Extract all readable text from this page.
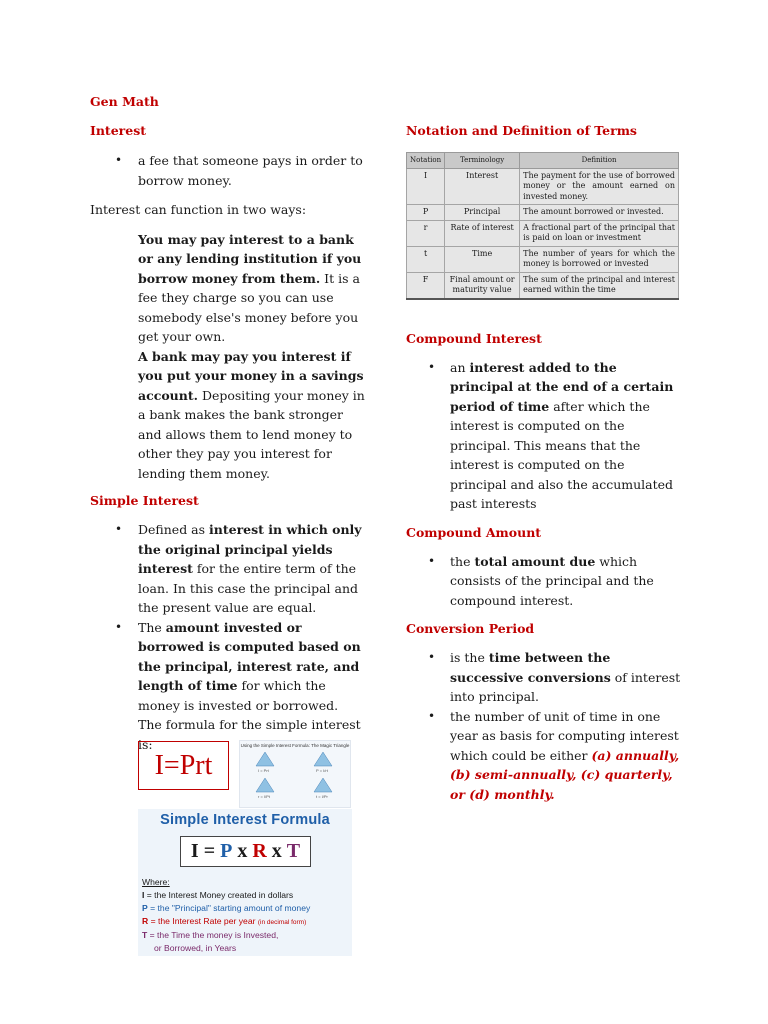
Gen Math
Interest
• a fee that someone pays in order to borrow money.
Interest can function in two ways:
You may pay interest to a bank or any lending institution if you borrow money from them. It is a fee they charge so you can use somebody else's money before you get your own.
A bank may pay you interest if you put your money in a savings account. Depositing your money in a bank makes the bank stronger and allows them to lend money to other they pay you interest for lending them money.
Simple Interest
• Defined as interest in which only the original principal yields interest for the entire term of the loan. In this case the principal and the present value are equal.
• The amount invested or borrowed is computed based on the principal, interest rate, and length of time for which the money is invested or borrowed.
The formula for the simple interest is:
I=Prt
Using the Simple Interest Formula: The Magic Triangle
I = Prt	P = I/rt
r = I/Pt	t = I/Pr
Simple Interest Formula
I = P x R x T
Where:
I = the Interest Money created in dollars
P = the "Principal" starting amount of money
R = the Interest Rate per year (in decimal form)
T = the Time the money is Invested,
or Borrowed, in Years
Notation and Definition of Terms
Notation	Terminology	Definition
I	Interest	The payment for the use of borrowed money or the amount earned on invested money.
P	Principal	The amount borrowed or invested.
r	Rate of interest	A fractional part of the principal that is paid on loan or investment
t	Time	The number of years for which the money is borrowed or invested
F	Final amount or maturity value	The sum of the principal and interest earned within the time
Compound Interest
• an interest added to the principal at the end of a certain period of time after which the interest is computed on the principal. This means that the interest is computed on the principal and also the accumulated past interests
Compound Amount
• the total amount due which consists of the principal and the compound interest.
Conversion Period
• is the time between the successive conversions of interest into principal.
• the number of unit of time in one year as basis for computing interest which could be either (a) annually, (b) semi-annually, (c) quarterly, or (d) monthly.
